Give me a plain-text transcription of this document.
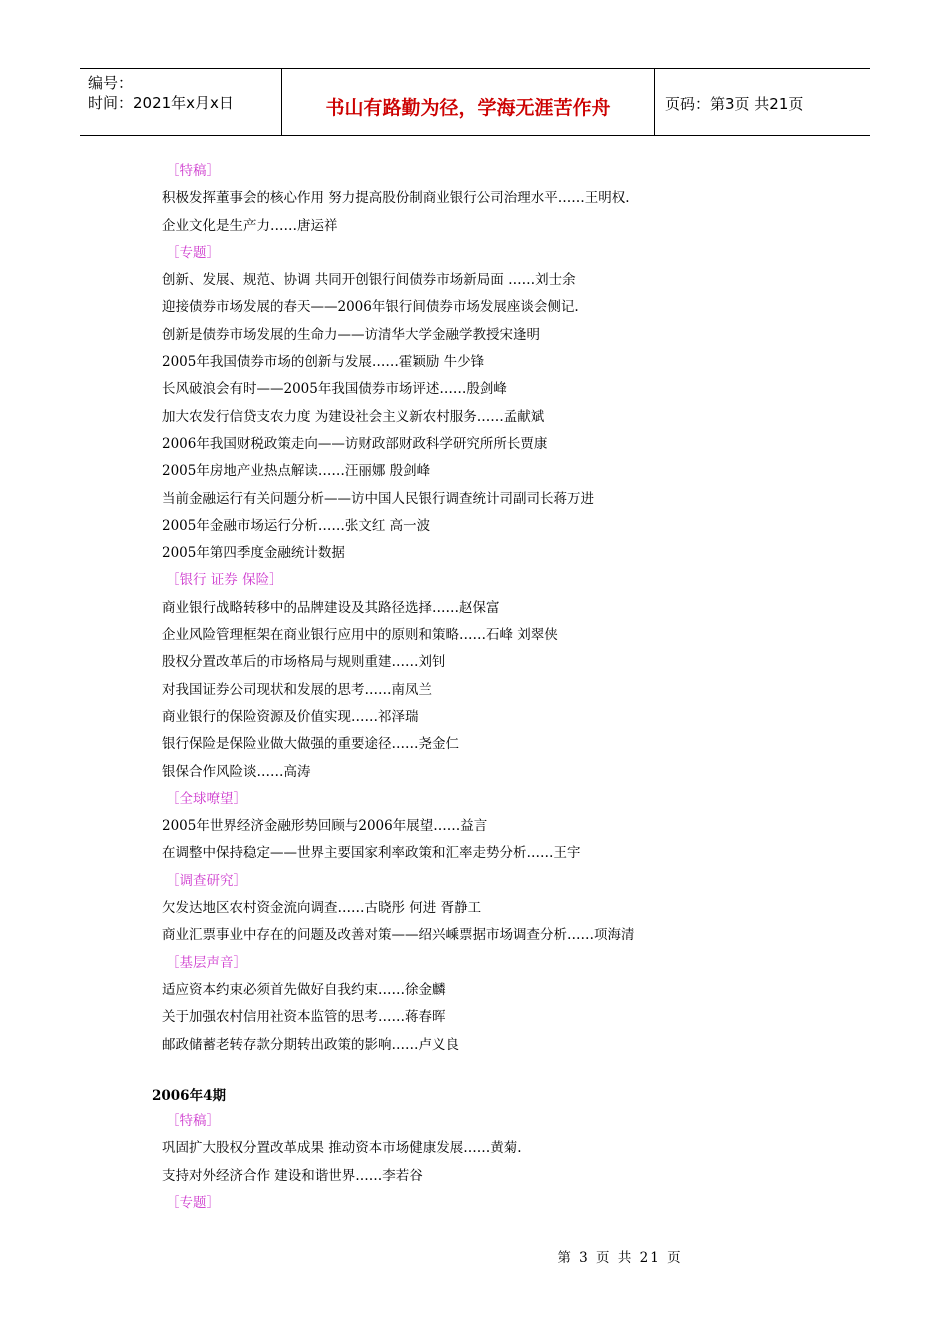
编号：
时间：2021年x月x日	书山有路勤为径，学海无涯苦作舟	页码：第3页 共21页
［特稿］
积极发挥董事会的核心作用 努力提高股份制商业银行公司治理水平……王明权.
企业文化是生产力……唐运祥
［专题］
创新、发展、规范、协调 共同开创银行间债券市场新局面 ……刘士余
迎接债券市场发展的春天——2006年银行间债券市场发展座谈会侧记.
创新是债券市场发展的生命力——访清华大学金融学教授宋逢明
2005年我国债券市场的创新与发展……霍颖励 牛少锋
长风破浪会有时——2005年我国债券市场评述……殷剑峰
加大农发行信贷支农力度 为建设社会主义新农村服务……孟献斌
2006年我国财税政策走向——访财政部财政科学研究所所长贾康
2005年房地产业热点解读……汪丽娜 殷剑峰
当前金融运行有关问题分析——访中国人民银行调查统计司副司长蒋万进
2005年金融市场运行分析……张文红 高一波
2005年第四季度金融统计数据
［银行 证券 保险］
商业银行战略转移中的品牌建设及其路径选择……赵保富
企业风险管理框架在商业银行应用中的原则和策略……石峰 刘翠侠
股权分置改革后的市场格局与规则重建……刘钊
对我国证券公司现状和发展的思考……南凤兰
商业银行的保险资源及价值实现……祁泽瑞
银行保险是保险业做大做强的重要途径……尧金仁
银保合作风险谈……高涛
［全球嘹望］
2005年世界经济金融形势回顾与2006年展望……益言
在调整中保持稳定——世界主要国家利率政策和汇率走势分析……王宇
［调查研究］
欠发达地区农村资金流向调查……古晓彤 何进 胥静工
商业汇票事业中存在的问题及改善对策——绍兴嵊票据市场调查分析……项海清
［基层声音］
适应资本约束必须首先做好自我约束……徐金麟
关于加强农村信用社资本监管的思考……蒋春晖
邮政储蓄老转存款分期转出政策的影响……卢义良
2006年4期
［特稿］
巩固扩大股权分置改革成果 推动资本市场健康发展……黄菊.
支持对外经济合作 建设和谐世界……李若谷
［专题］
第 3 页 共 21 页
